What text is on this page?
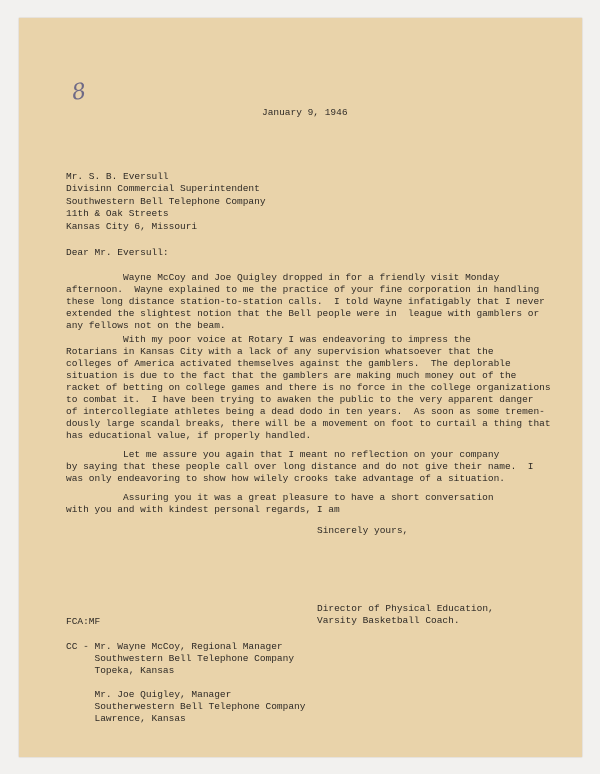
8
January 9, 1946
Mr. S. B. Eversull
Divisinn Commercial Superintendent
Southwestern Bell Telephone Company
11th & Oak Streets
Kansas City 6, Missouri
Dear Mr. Eversull:
Wayne McCoy and Joe Quigley dropped in for a friendly visit Monday
afternoon.  Wayne explained to me the practice of your fine corporation in handling
these long distance station-to-station calls.  I told Wayne infatigably that I never
extended the slightest notion that the Bell people were in  league with gamblers or
any fellows not on the beam.
With my poor voice at Rotary I was endeavoring to impress the
Rotarians in Kansas City with a lack of any supervision whatsoever that the
colleges of America activated themselves against the gamblers.  The deplorable
situation is due to the fact that the gamblers are making much money out of the
racket of betting on college games and there is no force in the college organizations
to combat it.  I have been trying to awaken the public to the very apparent danger
of intercollegiate athletes being a dead dodo in ten years.  As soon as some tremen-
dously large scandal breaks, there will be a movement on foot to curtail a thing that
has educational value, if properly handled.
Let me assure you again that I meant no reflection on your company
by saying that these people call over long distance and do not give their name.  I
was only endeavoring to show how wilely crooks take advantage of a situation.
Assuring you it was a great pleasure to have a short conversation
with you and with kindest personal regards, I am
Sincerely yours,
Director of Physical Education,
Varsity Basketball Coach.
FCA:MF
CC - Mr. Wayne McCoy, Regional Manager
Southwestern Bell Telephone Company
Topeka, Kansas
Mr. Joe Quigley, Manager
Southerwestern Bell Telephone Company
Lawrence, Kansas
